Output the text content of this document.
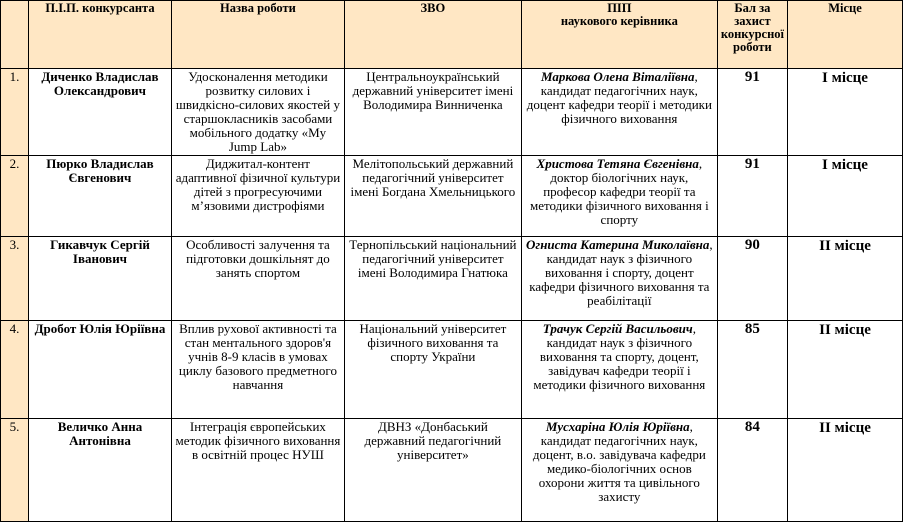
	П.І.П. конкурсанта	Назва роботи	ЗВО	ПІП
наукового керівника	Бал за захист конкурсної роботи	Місце
1.	Диченко Владислав Олександрович	Удосконалення методики розвитку силових і швидкісно-силових якостей у старшокласників засобами мобільного додатку «My Jump Lab»	Центральноукраїнський державний університет імені Володимира Винниченка	Маркова Олена Віталіївна, кандидат педагогічних наук, доцент кафедри теорії і методики фізичного виховання	91	I місце
2.	Пюрко Владислав Євгенович	Диджитал-контент адаптивної фізичної культури дітей з прогресуючими м’язовими дистрофіями	Мелітопольський державний педагогічний університет імені Богдана Хмельницького	Христова Тетяна Євгенівна, доктор біологічних наук, професор кафедри теорії та методики фізичного виховання і спорту	91	I місце
3.	Гикавчук Сергій Іванович	Особливості залучення та підготовки дошкільнят до занять спортом	Тернопільський національний педагогічний університет імені Володимира Гнатюка	Огниста Катерина Миколаївна, кандидат наук з фізичного виховання і спорту, доцент кафедри фізичного виховання та реабілітації	90	II місце
4.	Дробот Юлія Юріївна	Вплив рухової активності та стан ментального здоров'я учнів 8-9 класів в умовах циклу базового предметного навчання	Національний університет фізичного виховання та спорту України	Трачук Сергій Васильович, кандидат наук з фізичного виховання та спорту, доцент, завідувач кафедри теорії і методики фізичного виховання	85	II місце
5.	Величко Анна Антонівна	Інтеграція європейських методик фізичного виховання в освітній процес НУШ	ДВНЗ «Донбаський державний педагогічний університет»	Мусхаріна Юлія Юріївна, кандидат педагогічних наук, доцент, в.о. завідувача кафедри медико-біологічних основ охорони життя та цивільного захисту	84	II місце
